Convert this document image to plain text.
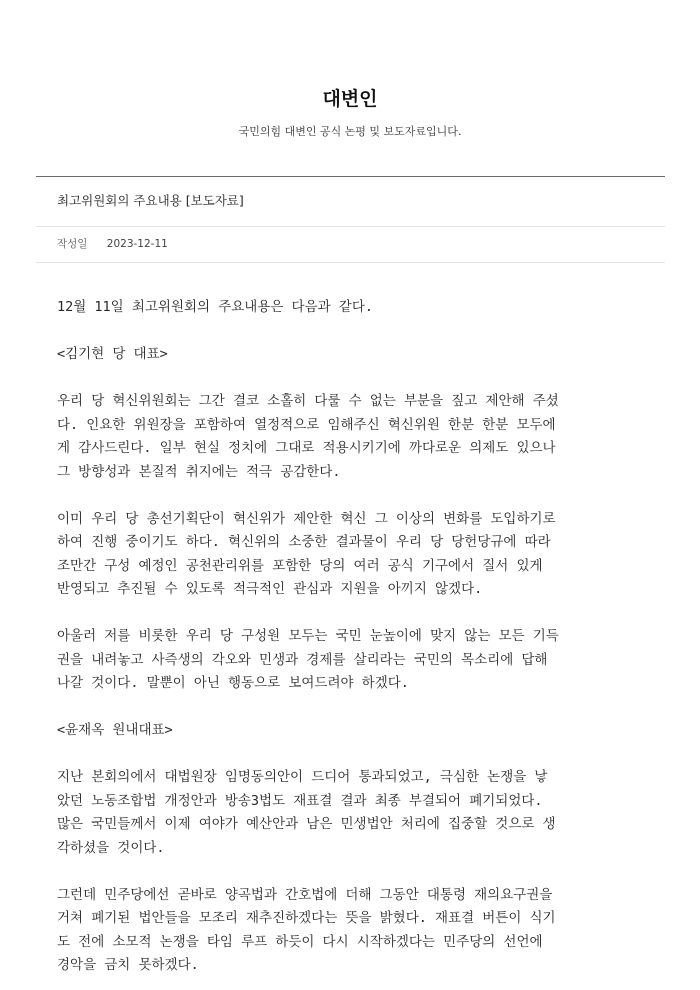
대변인
국민의힘 대변인 공식 논평 및 보도자료입니다.
최고위원회의 주요내용 [보도자료]
작성일 2023-12-11
12월 11일 최고위원회의 주요내용은 다음과 같다.
<김기현 당 대표>
우리 당 혁신위원회는 그간 결코 소홀히 다룰 수 없는 부분을 짚고 제안해 주셨
다. 인요한 위원장을 포함하여 열정적으로 임해주신 혁신위원 한분 한분 모두에
게 감사드린다. 일부 현실 정치에 그대로 적용시키기에 까다로운 의제도 있으나
그 방향성과 본질적 취지에는 적극 공감한다.
이미 우리 당 총선기획단이 혁신위가 제안한 혁신 그 이상의 변화를 도입하기로
하여 진행 중이기도 하다. 혁신위의 소중한 결과물이 우리 당 당헌당규에 따라
조만간 구성 예정인 공천관리위를 포함한 당의 여러 공식 기구에서 질서 있게
반영되고 추진될 수 있도록 적극적인 관심과 지원을 아끼지 않겠다.
아울러 저를 비롯한 우리 당 구성원 모두는 국민 눈높이에 맞지 않는 모든 기득
권을 내려놓고 사즉생의 각오와 민생과 경제를 살리라는 국민의 목소리에 답해
나갈 것이다. 말뿐이 아닌 행동으로 보여드려야 하겠다.
<윤재옥 원내대표>
지난 본회의에서 대법원장 임명동의안이 드디어 통과되었고, 극심한 논쟁을 낳
았던 노동조합법 개정안과 방송3법도 재표결 결과 최종 부결되어 폐기되었다.
많은 국민들께서 이제 여야가 예산안과 남은 민생법안 처리에 집중할 것으로 생
각하셨을 것이다.
그런데 민주당에선 곧바로 양곡법과 간호법에 더해 그동안 대통령 재의요구권을
거쳐 폐기된 법안들을 모조리 재추진하겠다는 뜻을 밝혔다. 재표결 버튼이 식기
도 전에 소모적 논쟁을 타임 루프 하듯이 다시 시작하겠다는 민주당의 선언에
경악을 금치 못하겠다.
